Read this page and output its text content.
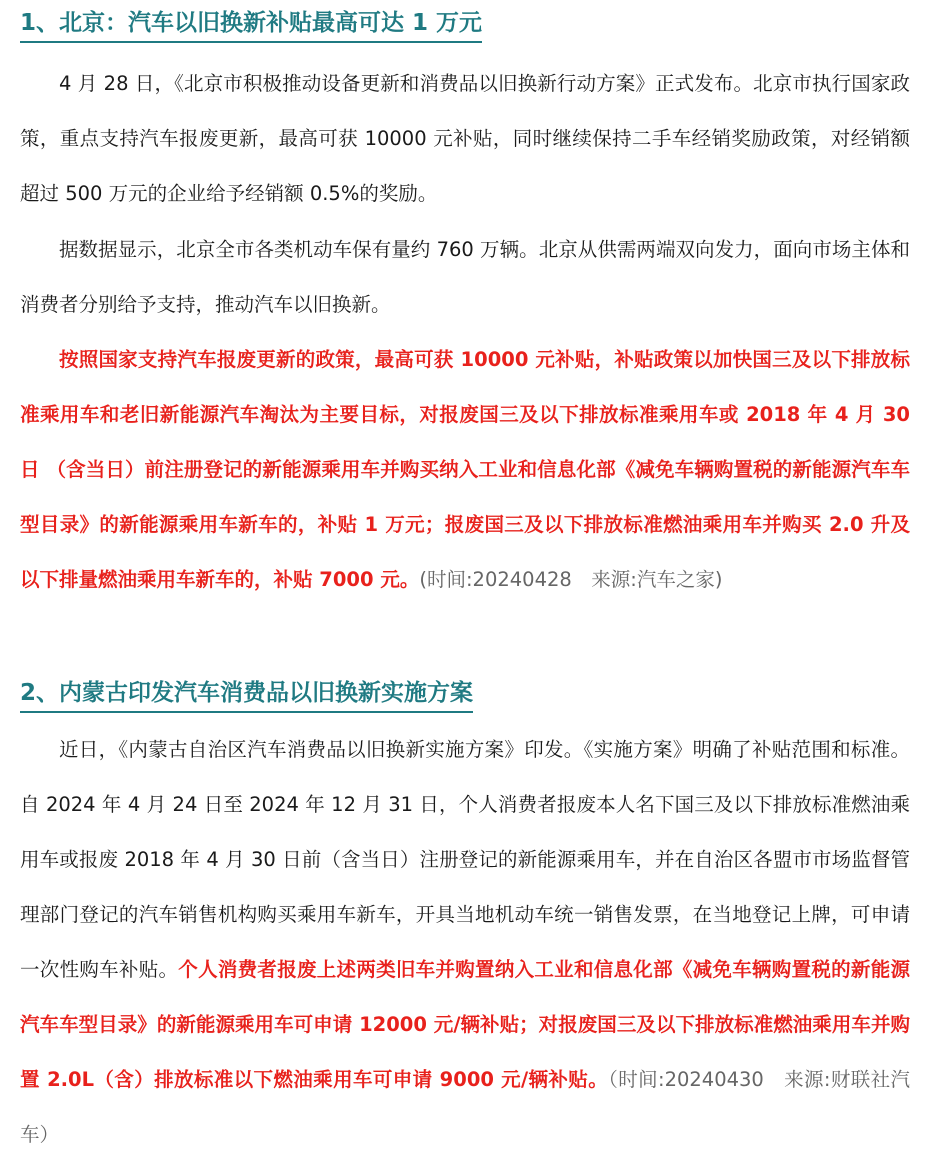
1、北京：汽车以旧换新补贴最高可达 1 万元

4 月 28 日，《北京市积极推动设备更新和消费品以旧换新行动方案》正式发布。北京市执行国家政策，重点支持汽车报废更新，最高可获 10000 元补贴，同时继续保持二手车经销奖励政策，对经销额超过 500 万元的企业给予经销额 0.5%的奖励。

据数据显示，北京全市各类机动车保有量约 760 万辆。北京从供需两端双向发力，面向市场主体和消费者分别给予支持，推动汽车以旧换新。

按照国家支持汽车报废更新的政策，最高可获 10000 元补贴，补贴政策以加快国三及以下排放标准乘用车和老旧新能源汽车淘汰为主要目标，对报废国三及以下排放标准乘用车或 2018 年 4 月 30 日 （含当日）前注册登记的新能源乘用车并购买纳入工业和信息化部《减免车辆购置税的新能源汽车车型目录》的新能源乘用车新车的，补贴 1 万元；报废国三及以下排放标准燃油乘用车并购买 2.0 升及以下排量燃油乘用车新车的，补贴 7000 元。(时间:20240428　来源:汽车之家)

2、内蒙古印发汽车消费品以旧换新实施方案

近日，《内蒙古自治区汽车消费品以旧换新实施方案》印发。《实施方案》明确了补贴范围和标准。自 2024 年 4 月 24 日至 2024 年 12 月 31 日，个人消费者报废本人名下国三及以下排放标准燃油乘用车或报废 2018 年 4 月 30 日前（含当日）注册登记的新能源乘用车，并在自治区各盟市市场监督管理部门登记的汽车销售机构购买乘用车新车，开具当地机动车统一销售发票，在当地登记上牌，可申请一次性购车补贴。个人消费者报废上述两类旧车并购置纳入工业和信息化部《减免车辆购置税的新能源汽车车型目录》的新能源乘用车可申请 12000 元/辆补贴；对报废国三及以下排放标准燃油乘用车并购置 2.0L（含）排放标准以下燃油乘用车可申请 9000 元/辆补贴。（时间:20240430　来源:财联社汽车）
